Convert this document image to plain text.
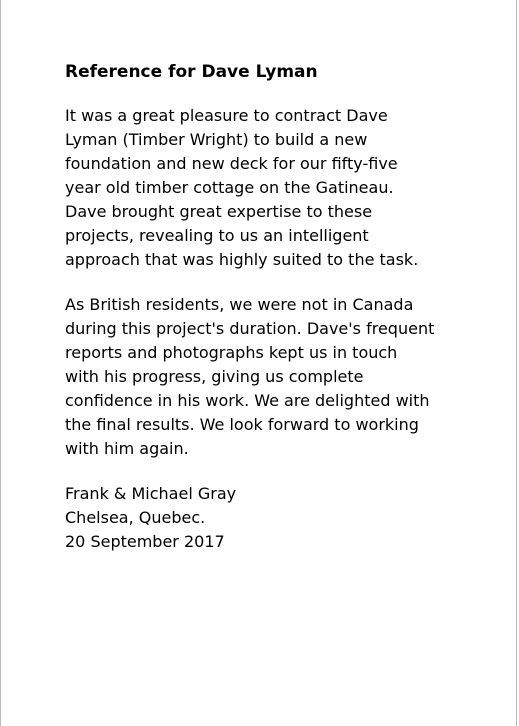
Reference for Dave Lyman

It was a great pleasure to contract Dave
Lyman (Timber Wright) to build a new
foundation and new deck for our fifty-five
year old timber cottage on the Gatineau.
Dave brought great expertise to these
projects, revealing to us an intelligent
approach that was highly suited to the task.

As British residents, we were not in Canada
during this project's duration. Dave's frequent
reports and photographs kept us in touch
with his progress, giving us complete
confidence in his work. We are delighted with
the final results. We look forward to working
with him again.

Frank & Michael Gray
Chelsea, Quebec.
20 September 2017
